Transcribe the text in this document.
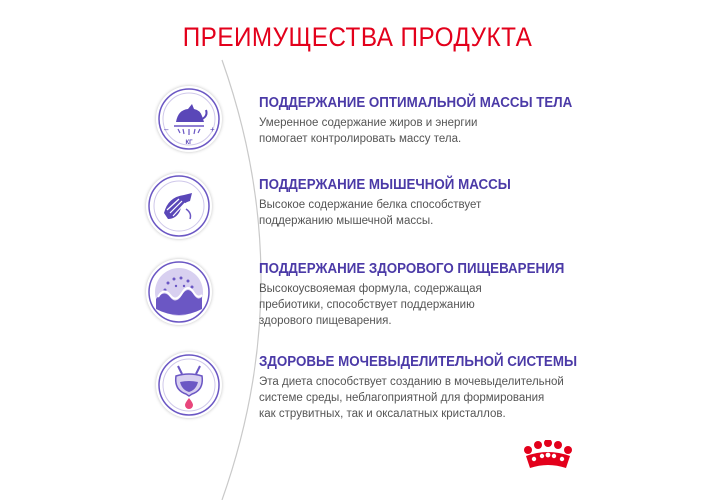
ПРЕИМУЩЕСТВА ПРОДУКТА
КГ
+
–
ПОДДЕРЖАНИЕ ОПТИМАЛЬНОЙ МАССЫ ТЕЛА
Умеренное содержание жиров и энергии
помогает контролировать массу тела.
ПОДДЕРЖАНИЕ МЫШЕЧНОЙ МАССЫ
Высокое содержание белка способствует
поддержанию мышечной массы.
ПОДДЕРЖАНИЕ ЗДОРОВОГО ПИЩЕВАРЕНИЯ
Высокоусвояемая формула, содержащая
пребиотики, способствует поддержанию
здорового пищеварения.
ЗДОРОВЬЕ МОЧЕВЫДЕЛИТЕЛЬНОЙ СИСТЕМЫ
Эта диета способствует созданию в мочевыделительной
системе среды, неблагоприятной для формирования
как струвитных, так и оксалатных кристаллов.
